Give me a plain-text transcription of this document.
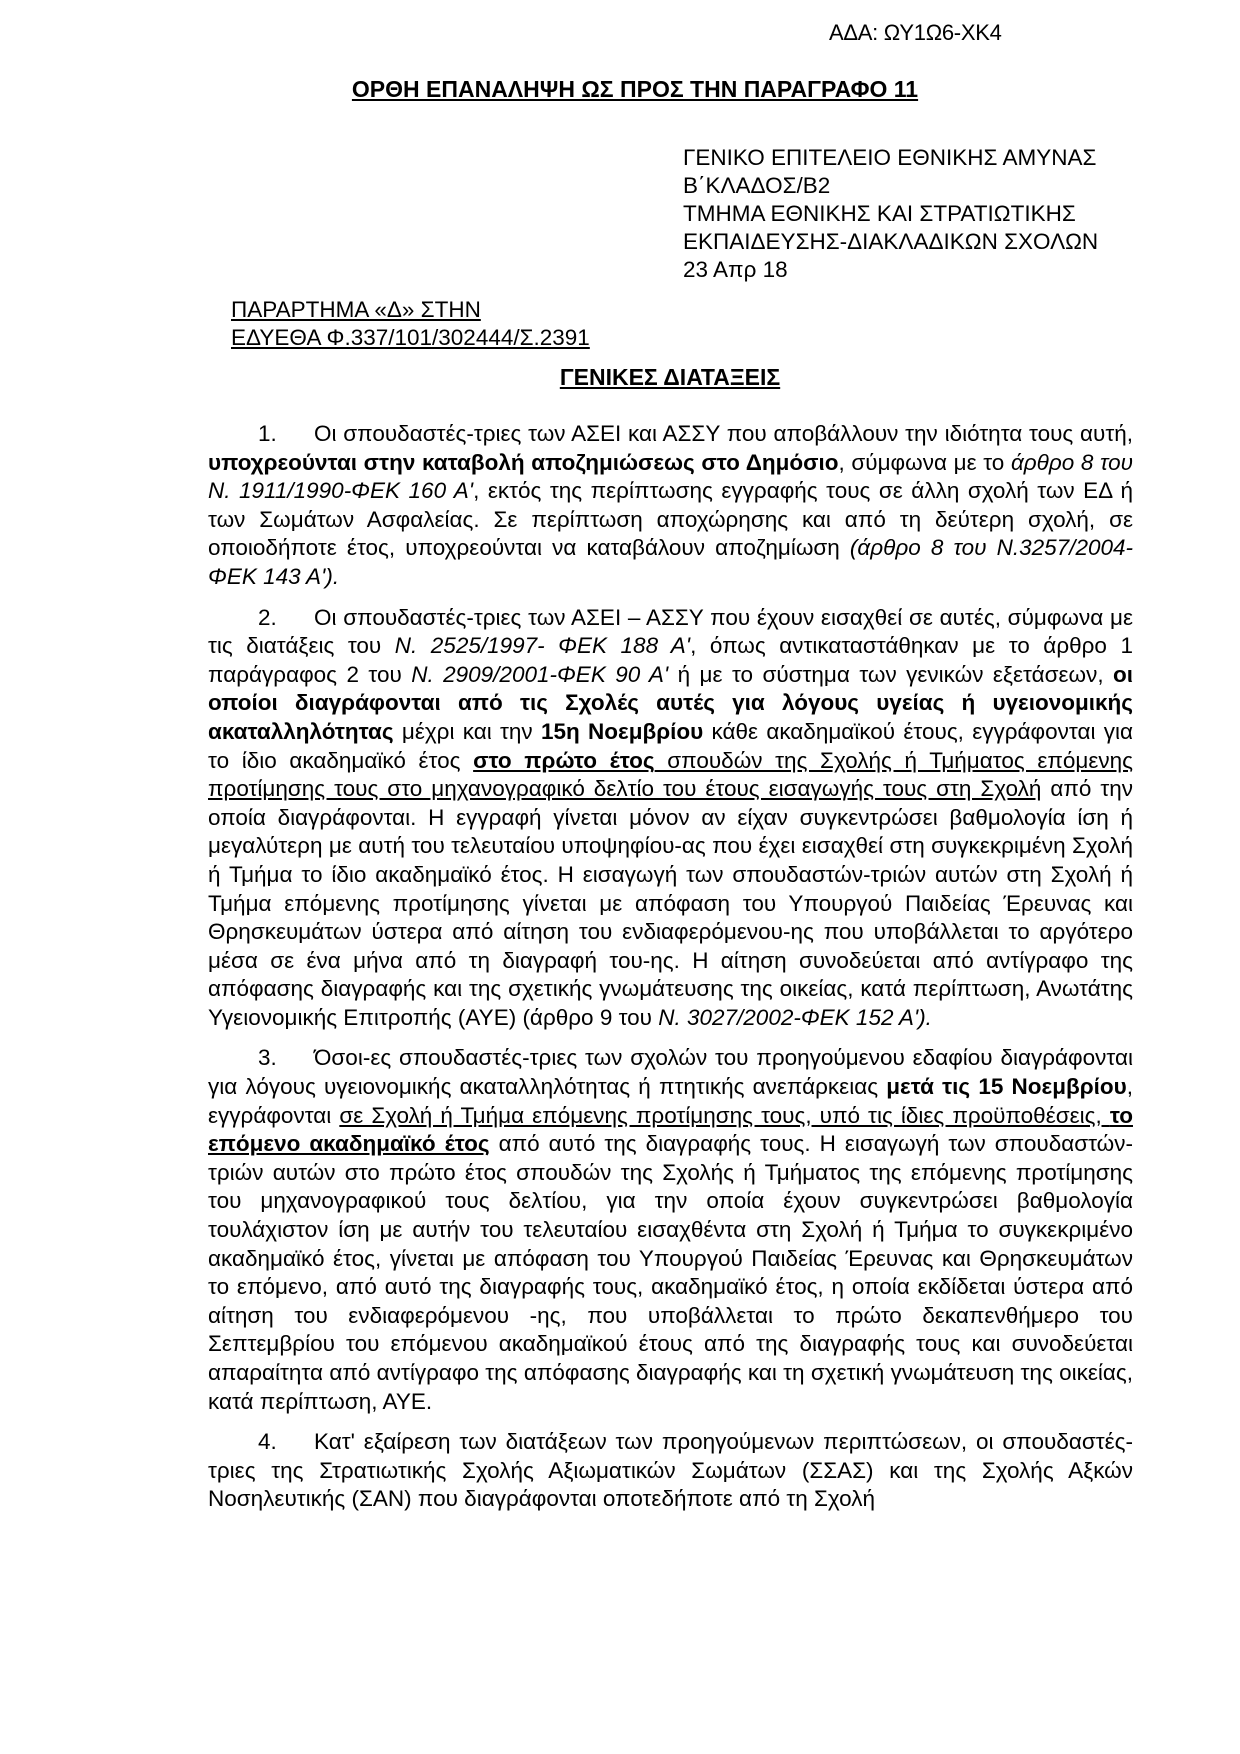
ΑΔΑ: ΩΥ1Ω6-ΧΚ4
ΟΡΘΗ ΕΠΑΝΑΛΗΨΗ ΩΣ ΠΡΟΣ ΤΗΝ ΠΑΡΑΓΡΑΦΟ 11
ΓΕΝΙΚΟ ΕΠΙΤΕΛΕΙΟ ΕΘΝΙΚΗΣ ΑΜΥΝΑΣ
Β΄ΚΛΑΔΟΣ/Β2
ΤΜΗΜΑ ΕΘΝΙΚΗΣ ΚΑΙ ΣΤΡΑΤΙΩΤΙΚΗΣ
ΕΚΠΑΙΔΕΥΣΗΣ-ΔΙΑΚΛΑΔΙΚΩΝ ΣΧΟΛΩΝ
23 Απρ 18
ΠΑΡΑΡΤΗΜΑ «Δ» ΣΤΗΝ
ΕΔΥΕΘΑ Φ.337/101/302444/Σ.2391
ΓΕΝΙΚΕΣ ΔΙΑΤΑΞΕΙΣ

1. Οι σπουδαστές-τριες των ΑΣΕΙ και ΑΣΣΥ που αποβάλλουν την ιδιότητα τους αυτή, υποχρεούνται στην καταβολή αποζημιώσεως στο Δημόσιο, σύμφωνα με το άρθρο 8 του Ν. 1911/1990-ΦΕΚ 160 Α', εκτός της περίπτωσης εγγραφής τους σε άλλη σχολή των ΕΔ ή των Σωμάτων Ασφαλείας. Σε περίπτωση αποχώρησης και από τη δεύτερη σχολή, σε οποιοδήποτε έτος, υποχρεούνται να καταβάλουν αποζημίωση (άρθρο 8 του Ν.3257/2004-ΦΕΚ 143 Α').

2. Οι σπουδαστές-τριες των ΑΣΕΙ – ΑΣΣΥ που έχουν εισαχθεί σε αυτές, σύμφωνα με τις διατάξεις του Ν. 2525/1997- ΦΕΚ 188 Α', όπως αντικαταστάθηκαν με το άρθρο 1 παράγραφος 2 του Ν. 2909/2001-ΦΕΚ 90 Α' ή με το σύστημα των γενικών εξετάσεων, οι οποίοι διαγράφονται από τις Σχολές αυτές για λόγους υγείας ή υγειονομικής ακαταλληλότητας μέχρι και την 15η Νοεμβρίου κάθε ακαδημαϊκού έτους, εγγράφονται για το ίδιο ακαδημαϊκό έτος στο πρώτο έτος σπουδών της Σχολής ή Τμήματος επόμενης προτίμησης τους στο μηχανογραφικό δελτίο του έτους εισαγωγής τους στη Σχολή από την οποία διαγράφονται. Η εγγραφή γίνεται μόνον αν είχαν συγκεντρώσει βαθμολογία ίση ή μεγαλύτερη με αυτή του τελευταίου υποψηφίου-ας που έχει εισαχθεί στη συγκεκριμένη Σχολή ή Τμήμα το ίδιο ακαδημαϊκό έτος. Η εισαγωγή των σπουδαστών-τριών αυτών στη Σχολή ή Τμήμα επόμενης προτίμησης γίνεται με απόφαση του Υπουργού Παιδείας Έρευνας και Θρησκευμάτων ύστερα από αίτηση του ενδιαφερόμενου-ης που υποβάλλεται το αργότερο μέσα σε ένα μήνα από τη διαγραφή του-ης. Η αίτηση συνοδεύεται από αντίγραφο της απόφασης διαγραφής και της σχετικής γνωμάτευσης της οικείας, κατά περίπτωση, Ανωτάτης Υγειονομικής Επιτροπής (ΑΥΕ) (άρθρο 9 του Ν. 3027/2002-ΦΕΚ 152 Α').

3. Όσοι-ες σπουδαστές-τριες των σχολών του προηγούμενου εδαφίου διαγράφονται για λόγους υγειονομικής ακαταλληλότητας ή πτητικής ανεπάρκειας μετά τις 15 Νοεμβρίου, εγγράφονται σε Σχολή ή Τμήμα επόμενης προτίμησης τους, υπό τις ίδιες προϋποθέσεις, το επόμενο ακαδημαϊκό έτος από αυτό της διαγραφής τους. Η εισαγωγή των σπουδαστών-τριών αυτών στο πρώτο έτος σπουδών της Σχολής ή Τμήματος της επόμενης προτίμησης του μηχανογραφικού τους δελτίου, για την οποία έχουν συγκεντρώσει βαθμολογία τουλάχιστον ίση με αυτήν του τελευταίου εισαχθέντα στη Σχολή ή Τμήμα το συγκεκριμένο ακαδημαϊκό έτος, γίνεται με απόφαση του Υπουργού Παιδείας Έρευνας και Θρησκευμάτων το επόμενο, από αυτό της διαγραφής τους, ακαδημαϊκό έτος, η οποία εκδίδεται ύστερα από αίτηση του ενδιαφερόμενου -ης, που υποβάλλεται το πρώτο δεκαπενθήμερο του Σεπτεμβρίου του επόμενου ακαδημαϊκού έτους από της διαγραφής τους και συνοδεύεται απαραίτητα από αντίγραφο της απόφασης διαγραφής και τη σχετική γνωμάτευση της οικείας, κατά περίπτωση, ΑΥΕ.

4. Κατ' εξαίρεση των διατάξεων των προηγούμενων περιπτώσεων, οι σπουδαστές-τριες της Στρατιωτικής Σχολής Αξιωματικών Σωμάτων (ΣΣΑΣ) και της Σχολής Αξκών Νοσηλευτικής (ΣΑΝ) που διαγράφονται οποτεδήποτε από τη Σχολή
